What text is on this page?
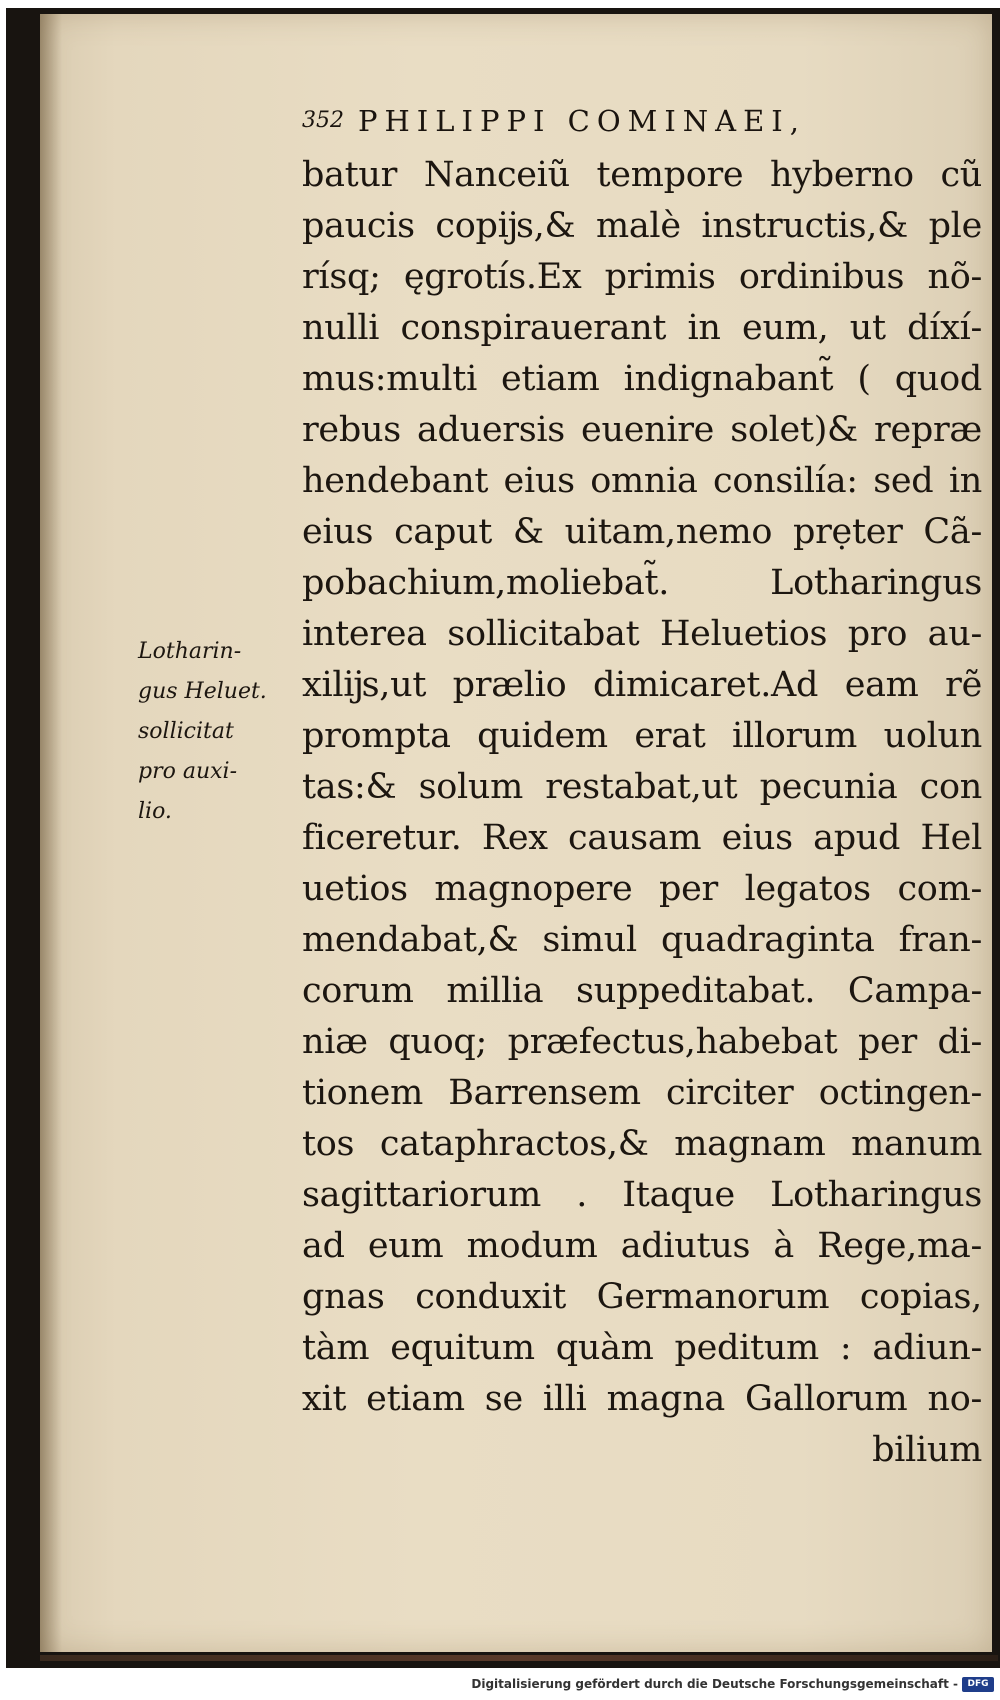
352 PHILIPPI COMINAEI,
Lotharin-
gus Heluet.
sollicitat
pro auxi-
lio.
batur Nanceiũ tempore hyberno cũ
paucis copĳs,& malè instructis,& ple
rísq; ęgrotís.Ex primis ordinibus nõ-
nulli conspirauerant in eum, ut díxí-
mus:multi etiam indignabant̃ ( quod
rebus aduersis euenire solet)& repræ
hendebant eius omnia consilía: sed in
eius caput & uitam,nemo prẹter Cã-
pobachium,moliebat̃. Lotharingus
interea sollicitabat Heluetios pro au-
xilĳs,ut prælio dimicaret.Ad eam rẽ
prompta quidem erat illorum uolun
tas:& solum restabat,ut pecunia con
ficeretur. Rex causam eius apud Hel
uetios magnopere per legatos com-
mendabat,& simul quadraginta fran-
corum millia suppeditabat. Campa-
niæ quoq; præfectus,habebat per di-
tionem Barrensem circiter octingen-
tos cataphractos,& magnam manum
sagittariorum . Itaque Lotharingus
ad eum modum adiutus à Rege,ma-
gnas conduxit Germanorum copias,
tàm equitum quàm peditum : adiun-
xit etiam se illi magna Gallorum no-
bilium
Digitalisierung gefördert durch die Deutsche Forschungsgemeinschaft -	DFG
